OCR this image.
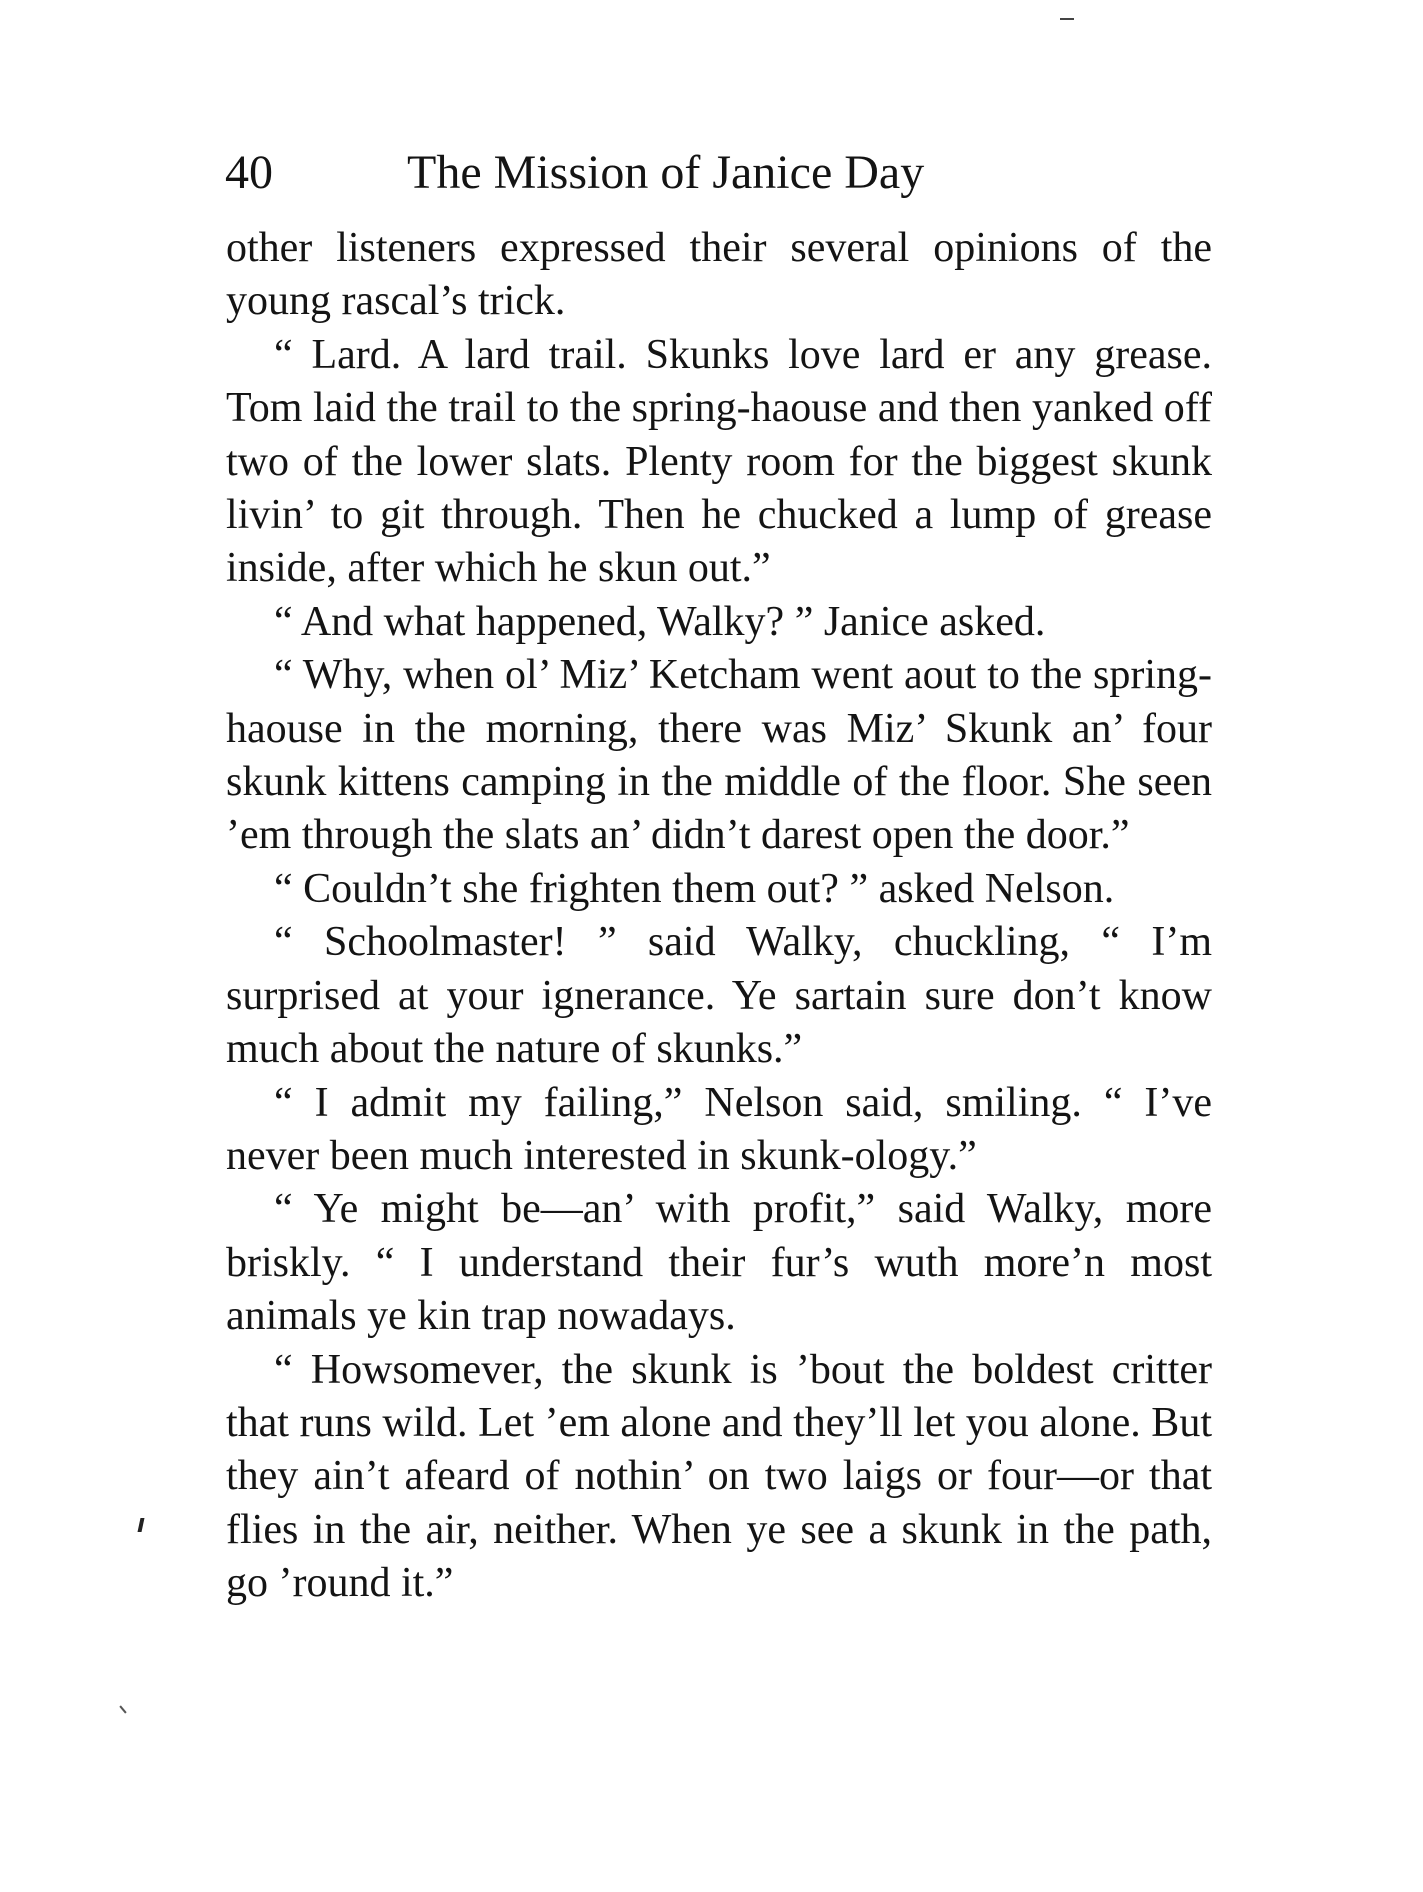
40	The Mission of Janice Day

other listeners expressed their several opinions of the young rascal’s trick.

“ Lard. A lard trail. Skunks love lard er any grease. Tom laid the trail to the spring-haouse and then yanked off two of the lower slats. Plenty room for the biggest skunk livin’ to git through. Then he chucked a lump of grease inside, after which he skun out.”

“ And what happened, Walky? ” Janice asked.

“ Why, when ol’ Miz’ Ketcham went aout to the spring-haouse in the morning, there was Miz’ Skunk an’ four skunk kittens camping in the middle of the floor. She seen ’em through the slats an’ didn’t darest open the door.”

“ Couldn’t she frighten them out? ” asked Nelson.

“ Schoolmaster! ” said Walky, chuckling, “ I’m surprised at your ignerance. Ye sartain sure don’t know much about the nature of skunks.”

“ I admit my failing,” Nelson said, smiling. “ I’ve never been much interested in skunk-ology.”

“ Ye might be—an’ with profit,” said Walky, more briskly. “ I understand their fur’s wuth more’n most animals ye kin trap nowadays.

“ Howsomever, the skunk is ’bout the boldest critter that runs wild. Let ’em alone and they’ll let you alone. But they ain’t afeard of nothin’ on two laigs or four—or that flies in the air, neither. When ye see a skunk in the path, go ’round it.”
